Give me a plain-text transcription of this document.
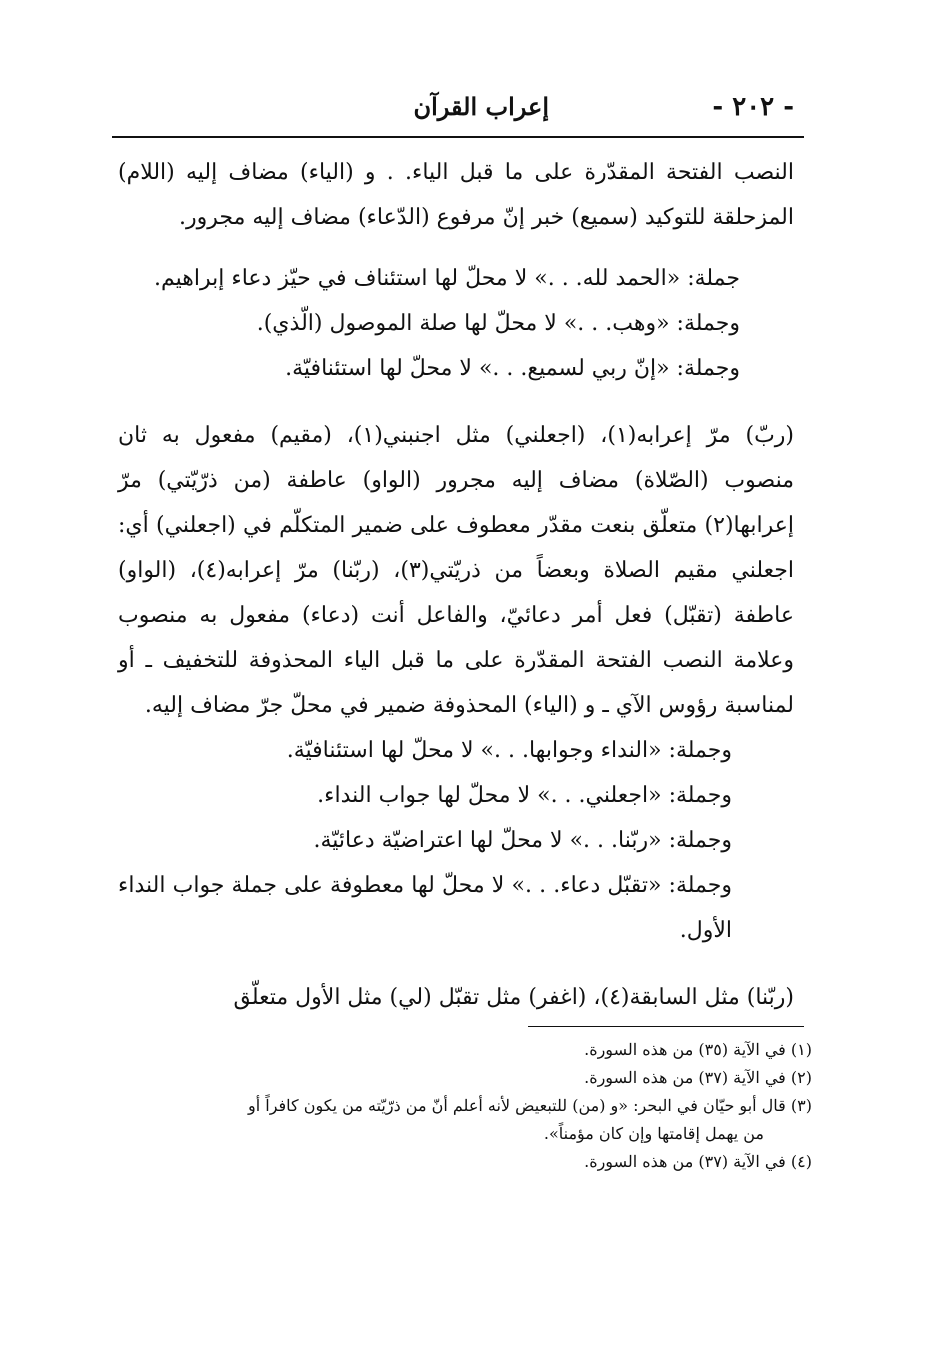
- ٢٠٢ -
إعراب القرآن

النصب الفتحة المقدّرة على ما قبل الياء. . و (الياء) مضاف إليه (اللام) المزحلقة للتوكيد (سميع) خبر إنّ مرفوع (الدّعاء) مضاف إليه مجرور.

جملة: «الحمد لله. . .» لا محلّ لها استئناف في حيّز دعاء إبراهيم.

وجملة: «وهب. . .» لا محلّ لها صلة الموصول (الّذي).

وجملة: «إنّ ربي لسميع. . .» لا محلّ لها استئنافيّة.

(ربّ) مرّ إعرابه(١)، (اجعلني) مثل اجنبني(١)، (مقيم) مفعول به ثان منصوب (الصّلاة) مضاف إليه مجرور (الواو) عاطفة (من ذرّيّتي) مرّ إعرابها(٢) متعلّق بنعت مقدّر معطوف على ضمير المتكلّم في (اجعلني) أي: اجعلني مقيم الصلاة وبعضاً من ذريّتي(٣)، (ربّنا) مرّ إعرابه(٤)، (الواو) عاطفة (تقبّل) فعل أمر دعائيّ، والفاعل أنت (دعاء) مفعول به منصوب وعلامة النصب الفتحة المقدّرة على ما قبل الياء المحذوفة للتخفيف ـ أو لمناسبة رؤوس الآي ـ و (الياء) المحذوفة ضمير في محلّ جرّ مضاف إليه.

وجملة: «النداء وجوابها. . .» لا محلّ لها استئنافيّة.

وجملة: «اجعلني. . .» لا محلّ لها جواب النداء.

وجملة: «ربّنا. . .» لا محلّ لها اعتراضيّة دعائيّة.

وجملة: «تقبّل دعاء. . .» لا محلّ لها معطوفة على جملة جواب النداء الأول.

(ربّنا) مثل السابقة(٤)، (اغفر) مثل تقبّل (لي) مثل الأول متعلّق

(١) في الآية (٣٥) من هذه السورة.

(٢) في الآية (٣٧) من هذه السورة.

(٣) قال أبو حيّان في البحر: «و (من) للتبعيض لأنه أعلم أنّ من ذرّيّته من يكون كافراً أو

من يهمل إقامتها وإن كان مؤمناً».

(٤) في الآية (٣٧) من هذه السورة.
